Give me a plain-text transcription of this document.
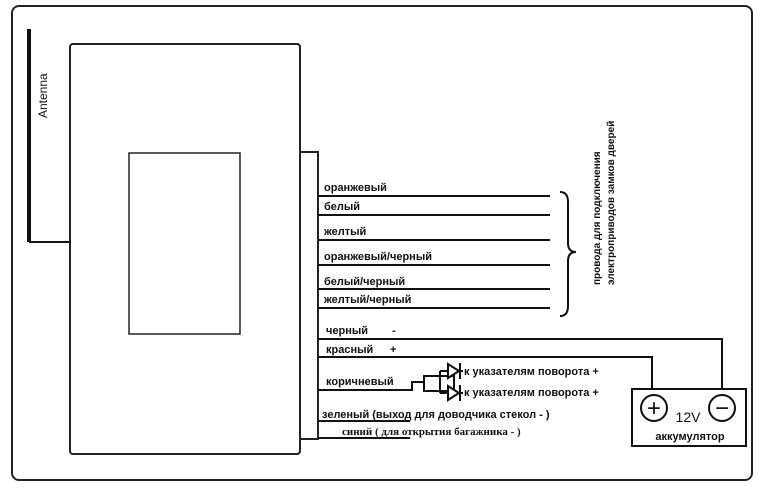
Antenna
провода для подключения электроприводов замков дверей
+ −
12V
аккумулятор
оранжевый
белый
желтый
оранжевый/черный
белый/черный
желтый/черный
черный -
красный +
коричневый
к указателям поворота +
к указателям поворота +
зеленый (выход для доводчика стекол - )
синий ( для открытия багажника - )
